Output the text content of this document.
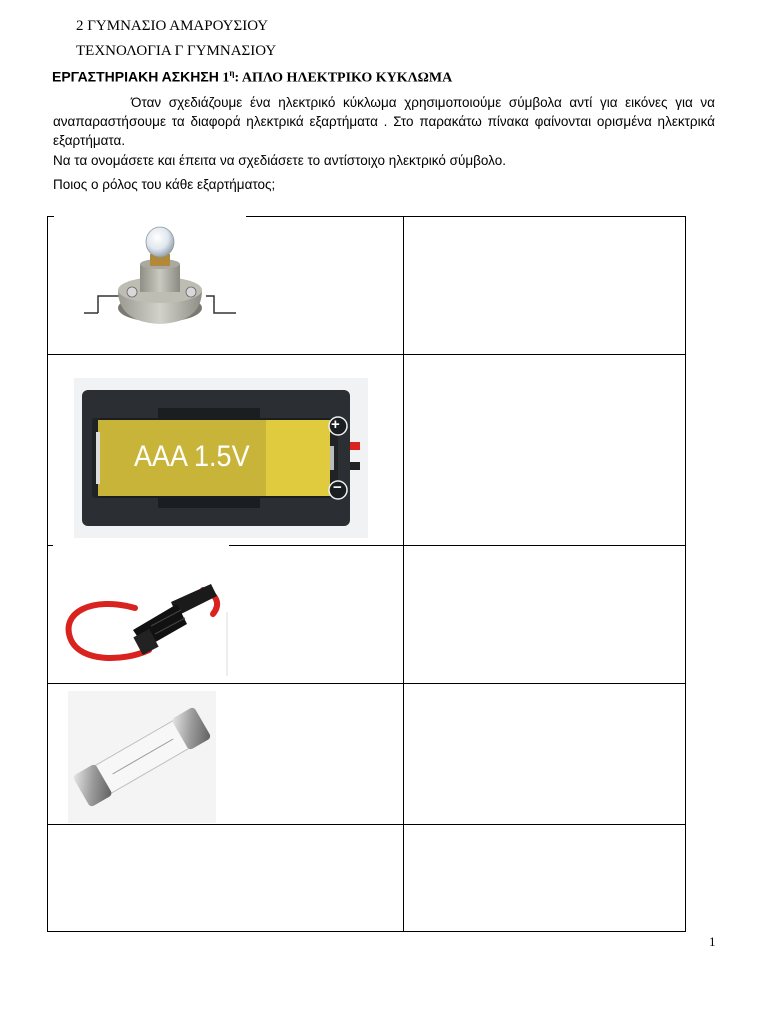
2 ΓΥΜΝΑΣΙΟ ΑΜΑΡΟΥΣΙΟΥ
ΤΕΧΝΟΛΟΓΙΑ Γ ΓΥΜΝΑΣΙΟΥ
ΕΡΓΑΣΤΗΡΙΑΚΗ ΑΣΚΗΣΗ $1^\eta$: ΑΠΛΟ ΗΛΕΚΤΡΙΚΟ ΚΥΚΛΩΜΑ
Όταν σχεδιάζουμε ένα ηλεκτρικό κύκλωμα χρησιμοποιούμε σύμβολα αντί για εικόνες για να αναπαραστήσουμε τα διαφορά ηλεκτρικά εξαρτήματα . Στο παρακάτω πίνακα φαίνονται ορισμένα ηλεκτρικά εξαρτήματα.
Να τα ονομάσετε και έπειτα να σχεδιάσετε το αντίστοιχο ηλεκτρικό σύμβολο.
Ποιος ο ρόλος του κάθε εξαρτήματος;
AAA 1.5V
+
−
1
